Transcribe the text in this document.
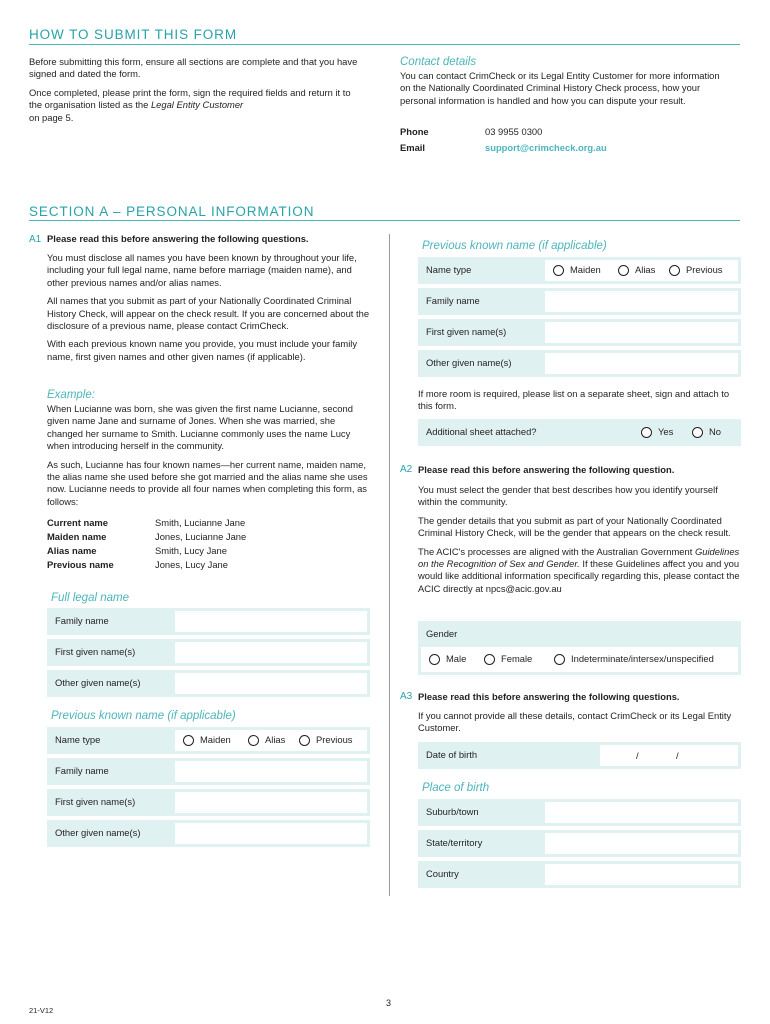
HOW TO SUBMIT THIS FORM

Before submitting this form, ensure all sections are complete and that you have signed and dated the form.

Once completed, please print the form, sign the required fields and return it to the organisation listed as the Legal Entity Customer
on page 5.

Contact details
You can contact CrimCheck or its Legal Entity Customer for more information on the Nationally Coordinated Criminal History Check process, how your personal information is handled and how you can dispute your result.
Phone	03 9955 0300
Email	support@crimcheck.org.au
SECTION A – PERSONAL INFORMATION
A1 Please read this before answering the following questions.

You must disclose all names you have been known by throughout your life, including your full legal name, name before marriage (maiden name), and other previous names and/or alias names.

All names that you submit as part of your Nationally Coordinated Criminal History Check, will appear on the check result. If you are concerned about the disclosure of a previous name, please contact CrimCheck.

With each previous known name you provide, you must include your family name, first given names and other given names (if applicable).

Example:

When Lucianne was born, she was given the first name Lucianne, second given name Jane and surname of Jones. When she was married, she changed her surname to Smith. Lucianne commonly uses the name Lucy when introducing herself in the community.

As such, Lucianne has four known names—her current name, maiden name, the alias name she used before she got married and the alias name she uses now. Lucianne needs to provide all four names when completing this form, as follows:

Current name	Smith, Lucianne Jane
Maiden name	Jones, Lucianne Jane
Alias name	Smith, Lucy Jane
Previous name	Jones, Lucy Jane
Full legal name
Family name
First given name(s)
Other given name(s)
Previous known name (if applicable)
Name type	Maiden	Alias	Previous
Family name
First given name(s)
Other given name(s)
Previous known name (if applicable)
Name type	Maiden	Alias	Previous
Family name
First given name(s)
Other given name(s)
If more room is required, please list on a separate sheet, sign and attach to this form.
Additional sheet attached?	Yes	No
A2 Please read this before answering the following question.

You must select the gender that best describes how you identify yourself within the community.

The gender details that you submit as part of your Nationally Coordinated Criminal History Check, will be the gender that appears on the check result.

The ACIC's processes are aligned with the Australian Government Guidelines on the Recognition of Sex and Gender. If these Guidelines affect you and you would like additional information specifically regarding this, please contact the ACIC directly at npcs@acic.gov.au

Gender
Male	Female	Indeterminate/intersex/unspecified
A3 Please read this before answering the following questions.
If you cannot provide all these details, contact CrimCheck or its Legal Entity Customer.
Date of birth	/	/
Place of birth
Suburb/town
State/territory
Country
3
21-V12
